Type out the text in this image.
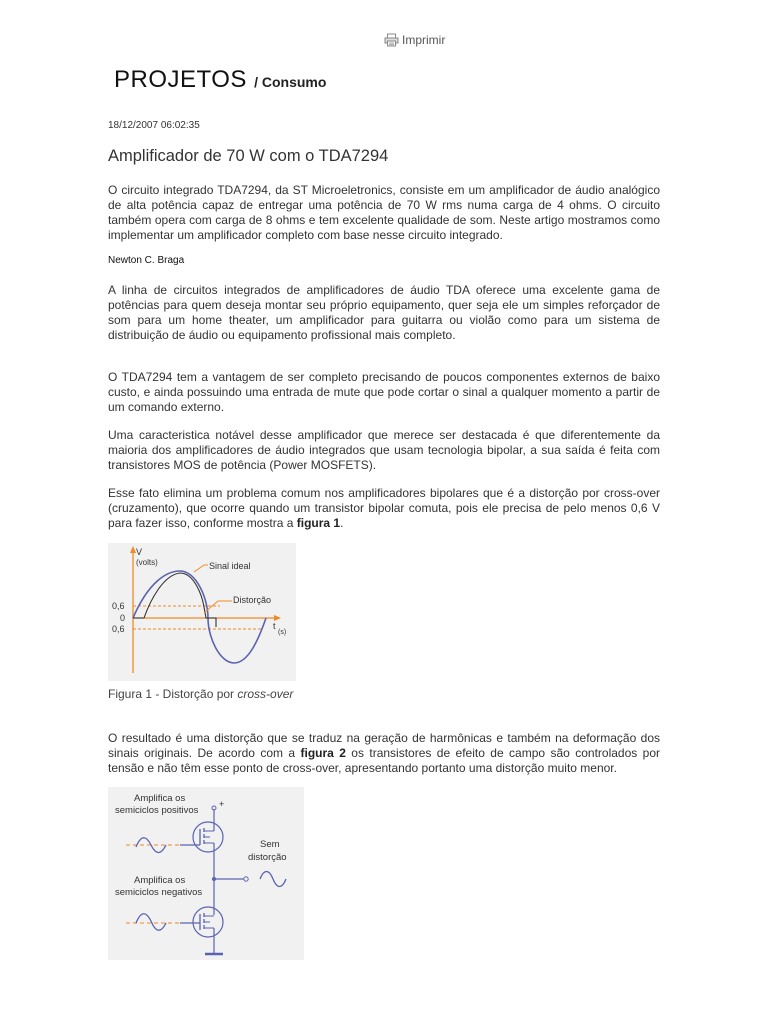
Imprimir
PROJETOS / Consumo
18/12/2007 06:02:35
Amplificador de 70 W com o TDA7294

O circuito integrado TDA7294, da ST Microeletronics, consiste em um amplificador de áudio analógico de alta potência capaz de entregar uma potência de 70 W rms numa carga de 4 ohms. O circuito também opera com carga de 8 ohms e tem excelente qualidade de som. Neste artigo mostramos como implementar um amplificador completo com base nesse circuito integrado.

Newton C. Braga

A linha de circuitos integrados de amplificadores de áudio TDA oferece uma excelente gama de potências para quem deseja montar seu próprio equipamento, quer seja ele um simples reforçador de som para um home theater, um amplificador para guitarra ou violão como para um sistema de distribuição de áudio ou equipamento profissional mais completo.

O TDA7294 tem a vantagem de ser completo precisando de poucos componentes externos de baixo custo, e ainda possuindo uma entrada de mute que pode cortar o sinal a qualquer momento a partir de um comando externo.

Uma caracteristica notável desse amplificador que merece ser destacada é que diferentemente da maioria dos amplificadores de áudio integrados que usam tecnologia bipolar, a sua saída é feita com transistores MOS de potência (Power MOSFETS).

Esse fato elimina um problema comum nos amplificadores bipolares que é a distorção por cross-over (cruzamento), que ocorre quando um transistor bipolar comuta, pois ele precisa de pelo menos 0,6 V para fazer isso, conforme mostra a figura 1.

V
(volts)	Sinal ideal
Distorção
0,6
0
0,6	t
(s)
Figura 1 - Distorção por cross-over

O resultado é uma distorção que se traduz na geração de harmônicas e também na deformação dos sinais originais. De acordo com a figura 2 os transistores de efeito de campo são controlados por tensão e não têm esse ponto de cross-over, apresentando portanto uma distorção muito menor.

+
Amplifica os
semiciclos positivos
Amplifica os
semiciclos negativos
Sem
distorção
